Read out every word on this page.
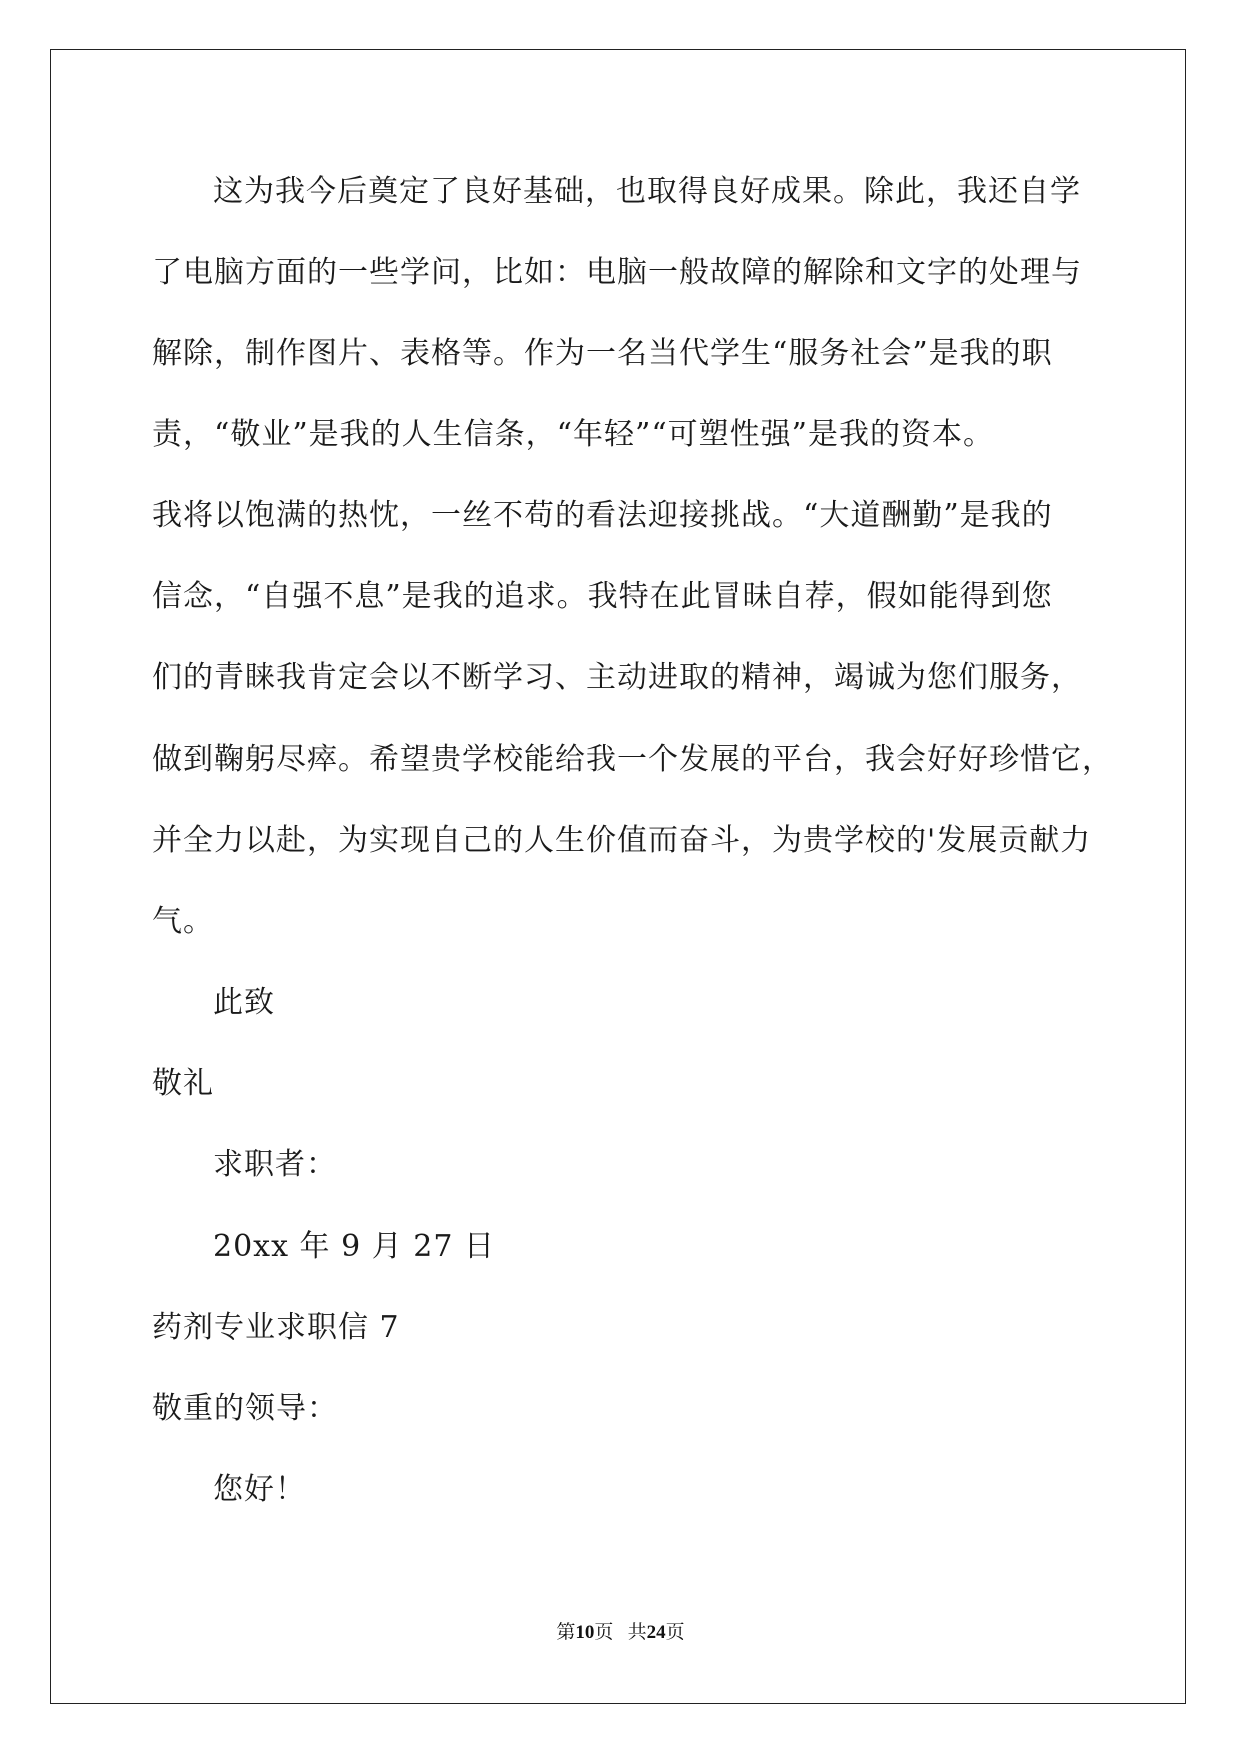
这为我今后奠定了良好基础，也取得良好成果。除此，我还自学

了电脑方面的一些学问，比如：电脑一般故障的解除和文字的处理与

解除，制作图片、表格等。作为一名当代学生“服务社会”是我的职

责，“敬业”是我的人生信条，“年轻”“可塑性强”是我的资本。

我将以饱满的热忱，一丝不苟的看法迎接挑战。“大道酬勤”是我的

信念，“自强不息”是我的追求。我特在此冒昧自荐，假如能得到您

们的青睐我肯定会以不断学习、主动进取的精神，竭诚为您们服务，

做到鞠躬尽瘁。希望贵学校能给我一个发展的平台，我会好好珍惜它，

并全力以赴，为实现自己的人生价值而奋斗，为贵学校的'发展贡献力

气。

此致

敬礼

求职者：

20xx 年 9 月 27 日

药剂专业求职信 7

敬重的领导：

您好！

第10页   共24页
